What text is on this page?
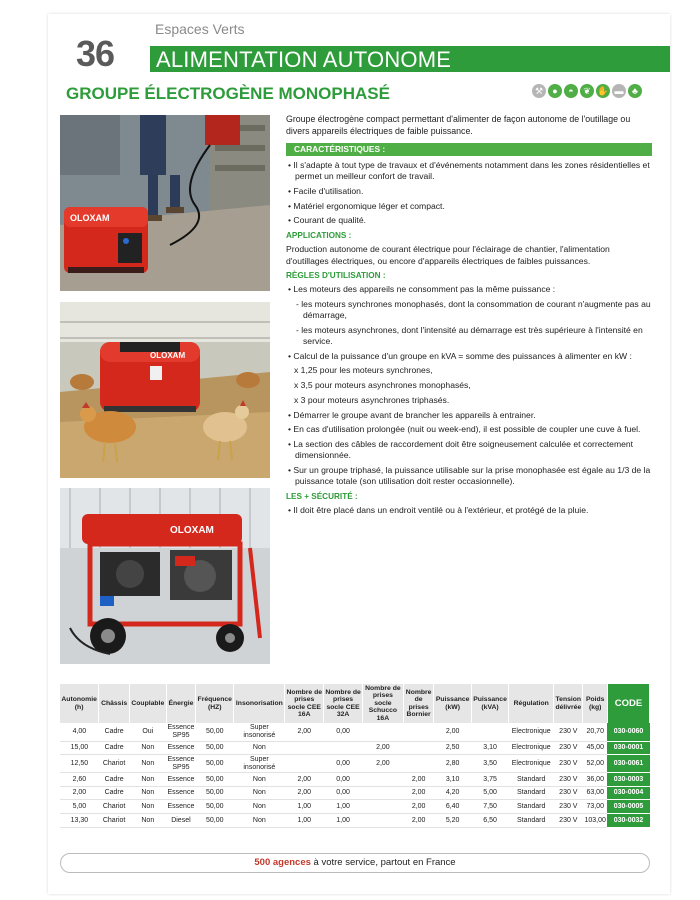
Espaces Verts
36 ALIMENTATION AUTONOME
GROUPE ÉLECTROGÈNE MONOPHASÉ	⚒	●	◓	❦ ✋ ▬ ♣
OLOXAM
OLOXAM
OLOXAM
Groupe électrogène compact permettant d'alimenter de façon autonome de l'outillage ou divers appareils électriques de faible puissance.
CARACTÉRISTIQUES :
• Il s'adapte à tout type de travaux et d'événements notamment dans les zones résidentielles et permet un meilleur confort de travail.
• Facile d'utilisation.
• Matériel ergonomique léger et compact.
• Courant de qualité.
APPLICATIONS :
Production autonome de courant électrique pour l'éclairage de chantier, l'alimentation d'outillages électriques, ou encore d'appareils électriques de faibles puissances.
RÈGLES D'UTILISATION :
• Les moteurs des appareils ne consomment pas la même puissance :
- les moteurs synchrones monophasés, dont la consommation de courant n'augmente pas au démarrage,
- les moteurs asynchrones, dont l'intensité au démarrage est très supérieure à l'intensité en service.
• Calcul de la puissance d'un groupe en kVA = somme des puissances à alimenter en kW :
x 1,25 pour les moteurs synchrones,
x 3,5 pour moteurs asynchrones monophasés,
x 3 pour moteurs asynchrones triphasés.
• Démarrer le groupe avant de brancher les appareils à entrainer.
• En cas d'utilisation prolongée (nuit ou week-end), il est possible de coupler une cuve à fuel.
• La section des câbles de raccordement doit être soigneusement calculée et correctement dimensionnée.
• Sur un groupe triphasé, la puissance utilisable sur la prise monophasée est égale au 1/3 de la puissance totale (son utilisation doit rester occasionnelle).
LES + SÉCURITÉ :
• Il doit être placé dans un endroit ventilé ou à l'extérieur, et protégé de la pluie.
Autonomie (h)	Châssis	Couplable	Énergie	Fréquence (HZ)	Insonorisation	Nombre de prises socle CEE 16A	Nombre de prises socle CEE 32A	Nombre de prises socle Schucco 16A	Nombre de prises Bornier	Puissance (kW)	Puissance (kVA)	Régulation	Tension délivrée	Poids (kg)	CODE
4,00	Cadre	Oui	Essence SP95	50,00	Super insonorisé	2,00	0,00			2,00		Electronique	230 V	20,70	030-0060
15,00	Cadre	Non	Essence	50,00	Non			2,00		2,50	3,10	Electronique	230 V	45,00	030-0001
12,50	Chariot	Non	Essence SP95	50,00	Super insonorisé		0,00	2,00		2,80	3,50	Electronique	230 V	52,00	030-0061
2,60	Cadre	Non	Essence	50,00	Non	2,00	0,00		2,00	3,10	3,75	Standard	230 V	36,00	030-0003
2,00	Cadre	Non	Essence	50,00	Non	2,00	0,00		2,00	4,20	5,00	Standard	230 V	63,00	030-0004
5,00	Chariot	Non	Essence	50,00	Non	1,00	1,00		2,00	6,40	7,50	Standard	230 V	73,00	030-0005
13,30	Chariot	Non	Diesel	50,00	Non	1,00	1,00		2,00	5,20	6,50	Standard	230 V	103,00	030-0032
500 agences à votre service, partout en France
